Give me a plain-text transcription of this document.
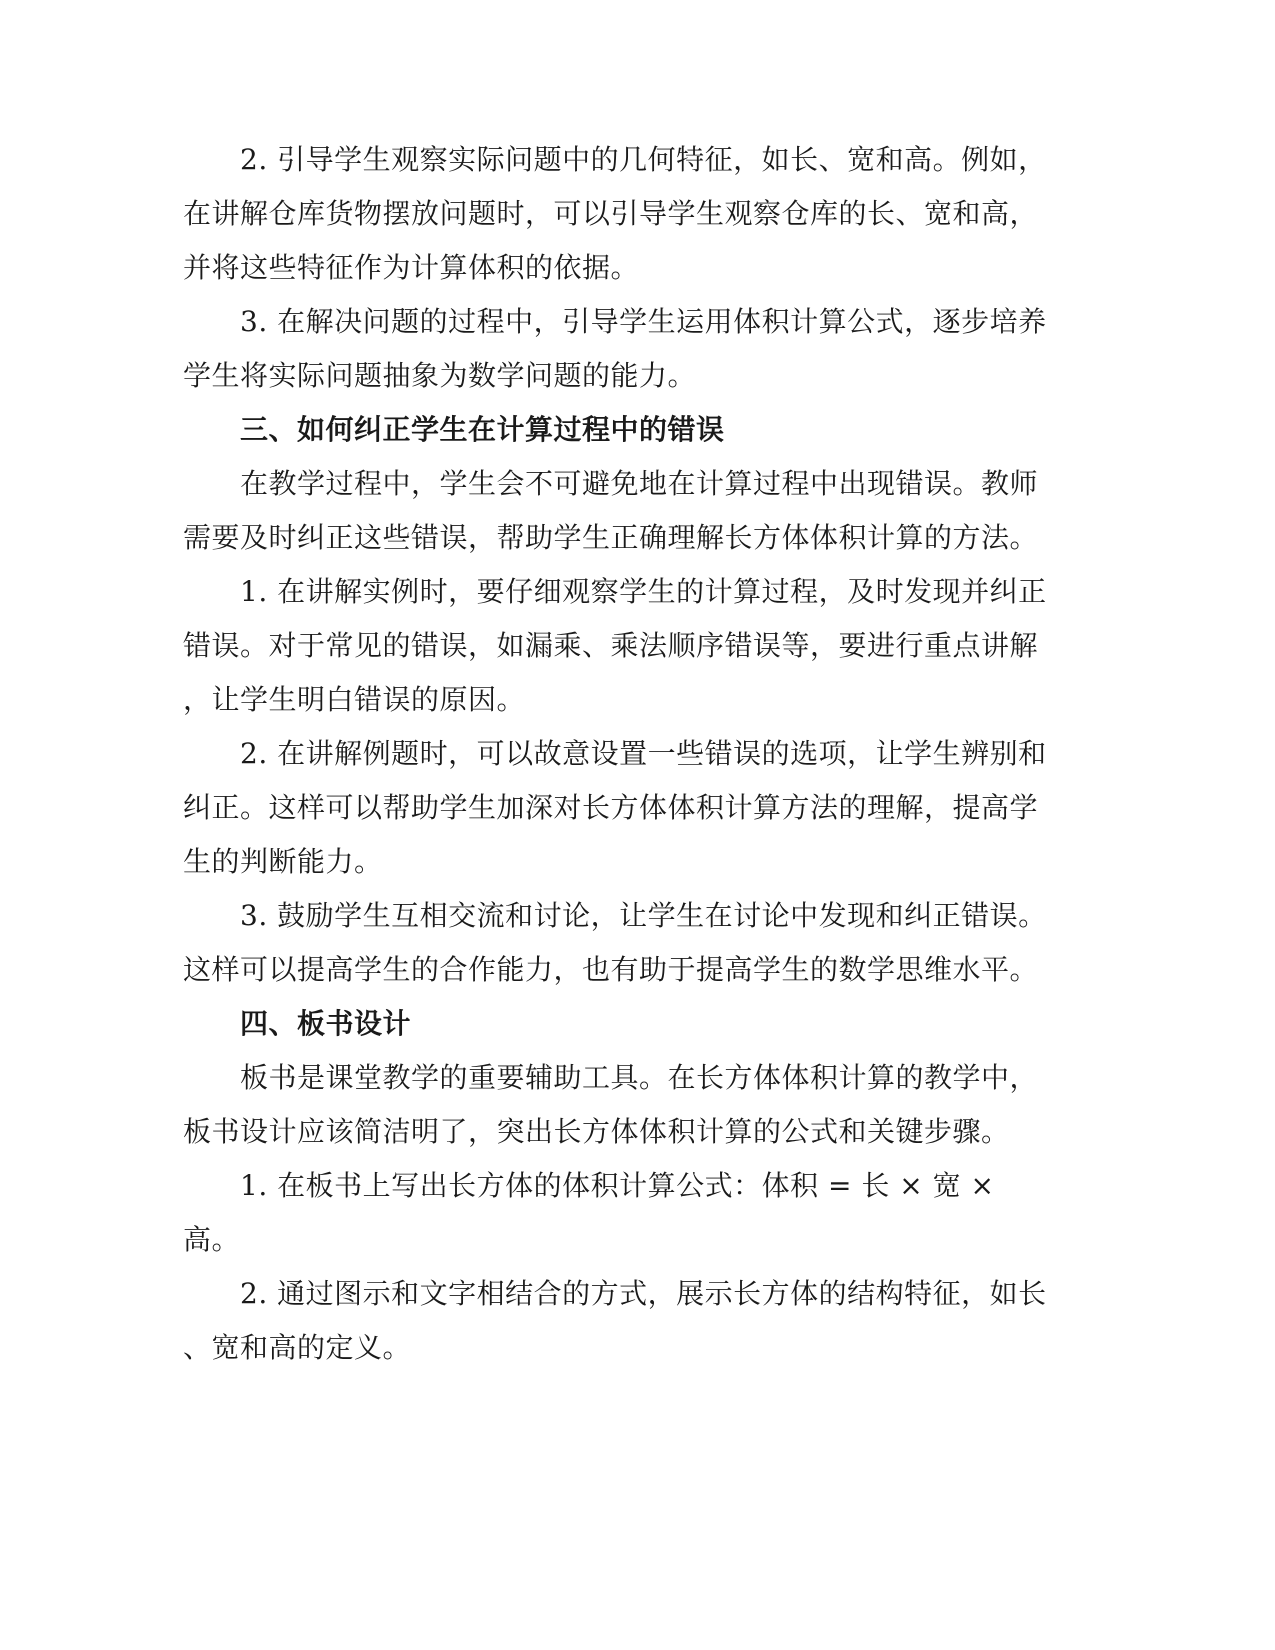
2. 引导学生观察实际问题中的几何特征，如长、宽和高。例如，
在讲解仓库货物摆放问题时，可以引导学生观察仓库的长、宽和高，
并将这些特征作为计算体积的依据。
3. 在解决问题的过程中，引导学生运用体积计算公式，逐步培养
学生将实际问题抽象为数学问题的能力。
三、如何纠正学生在计算过程中的错误
在教学过程中，学生会不可避免地在计算过程中出现错误。教师
需要及时纠正这些错误，帮助学生正确理解长方体体积计算的方法。
1. 在讲解实例时，要仔细观察学生的计算过程，及时发现并纠正
错误。对于常见的错误，如漏乘、乘法顺序错误等，要进行重点讲解
，让学生明白错误的原因。
2. 在讲解例题时，可以故意设置一些错误的选项，让学生辨别和
纠正。这样可以帮助学生加深对长方体体积计算方法的理解，提高学
生的判断能力。
3. 鼓励学生互相交流和讨论，让学生在讨论中发现和纠正错误。
这样可以提高学生的合作能力，也有助于提高学生的数学思维水平。
四、板书设计
板书是课堂教学的重要辅助工具。在长方体体积计算的教学中，
板书设计应该简洁明了，突出长方体体积计算的公式和关键步骤。
1. 在板书上写出长方体的体积计算公式：体积 = 长 × 宽 ×
高。
2. 通过图示和文字相结合的方式，展示长方体的结构特征，如长
、宽和高的定义。
